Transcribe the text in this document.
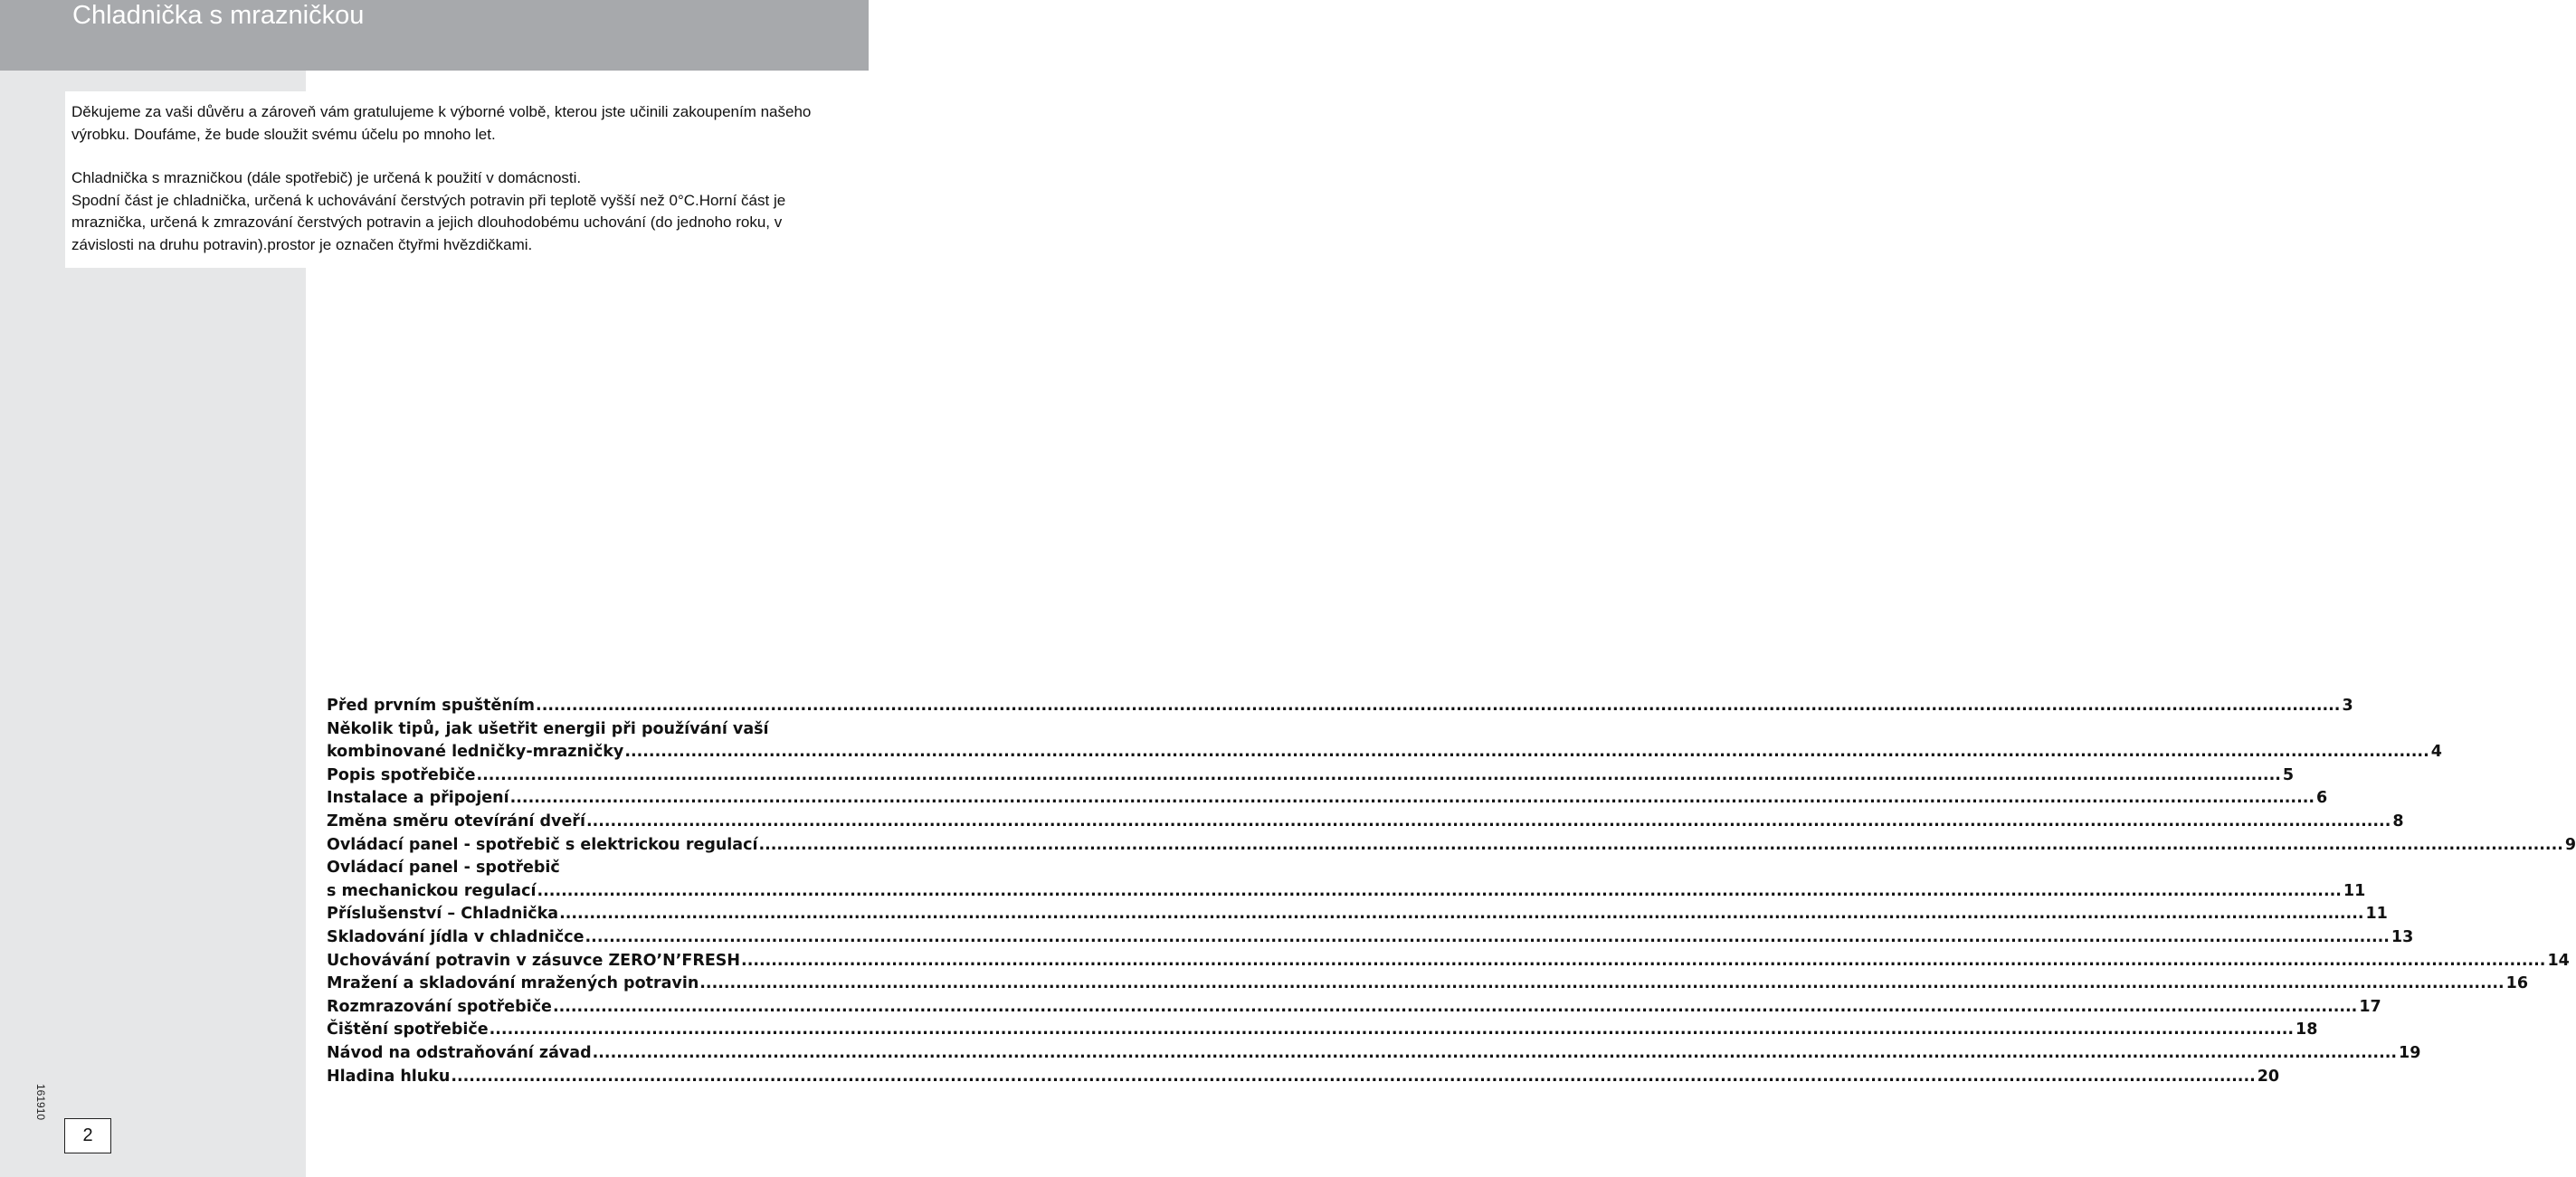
Chladnička s mrazničkou

Děkujeme za vaši důvěru a zároveň vám gratulujeme k výborné volbě, kterou jste učinili zakoupením našeho výrobku. Doufáme, že bude sloužit svému účelu po mnoho let.

Chladnička s mrazničkou (dále spotřebič) je určená k použití v domácnosti.

Spodní část je chladnička, určená k uchovávání čerstvých potravin při teplotě vyšší než 0°C.Horní část je mraznička, určená k zmrazování čerstvých potravin a jejich dlouhodobému uchování (do jednoho roku, v závislosti na druhu potravin).prostor je označen čtyřmi hvězdičkami.

Před prvním spuštěním ............................................................................................................................................................................................................................................................................................................ 3
Několik tipů, jak ušetřit energii při používání vaší
kombinované ledničky-mrazničky ............................................................................................................................................................................................................................................................................................................ 4
Popis spotřebiče ............................................................................................................................................................................................................................................................................................................ 5
Instalace a připojení ............................................................................................................................................................................................................................................................................................................ 6
Změna směru otevírání dveří ............................................................................................................................................................................................................................................................................................................ 8
Ovládací panel - spotřebič s elektrickou regulací ............................................................................................................................................................................................................................................................................................................ 9
Ovládací panel - spotřebič
s mechanickou regulací ............................................................................................................................................................................................................................................................................................................ 11
Příslušenství – Chladnička ............................................................................................................................................................................................................................................................................................................ 11
Skladování jídla v chladničce ............................................................................................................................................................................................................................................................................................................ 13
Uchovávání potravin v zásuvce ZERO’N’FRESH ............................................................................................................................................................................................................................................................................................................ 14
Mražení a skladování mražených potravin ............................................................................................................................................................................................................................................................................................................ 16
Rozmrazování spotřebiče ............................................................................................................................................................................................................................................................................................................ 17
Čištění spotřebiče ............................................................................................................................................................................................................................................................................................................ 18
Návod na odstraňování závad ............................................................................................................................................................................................................................................................................................................ 19
Hladina hluku ............................................................................................................................................................................................................................................................................................................ 20
161910
2
